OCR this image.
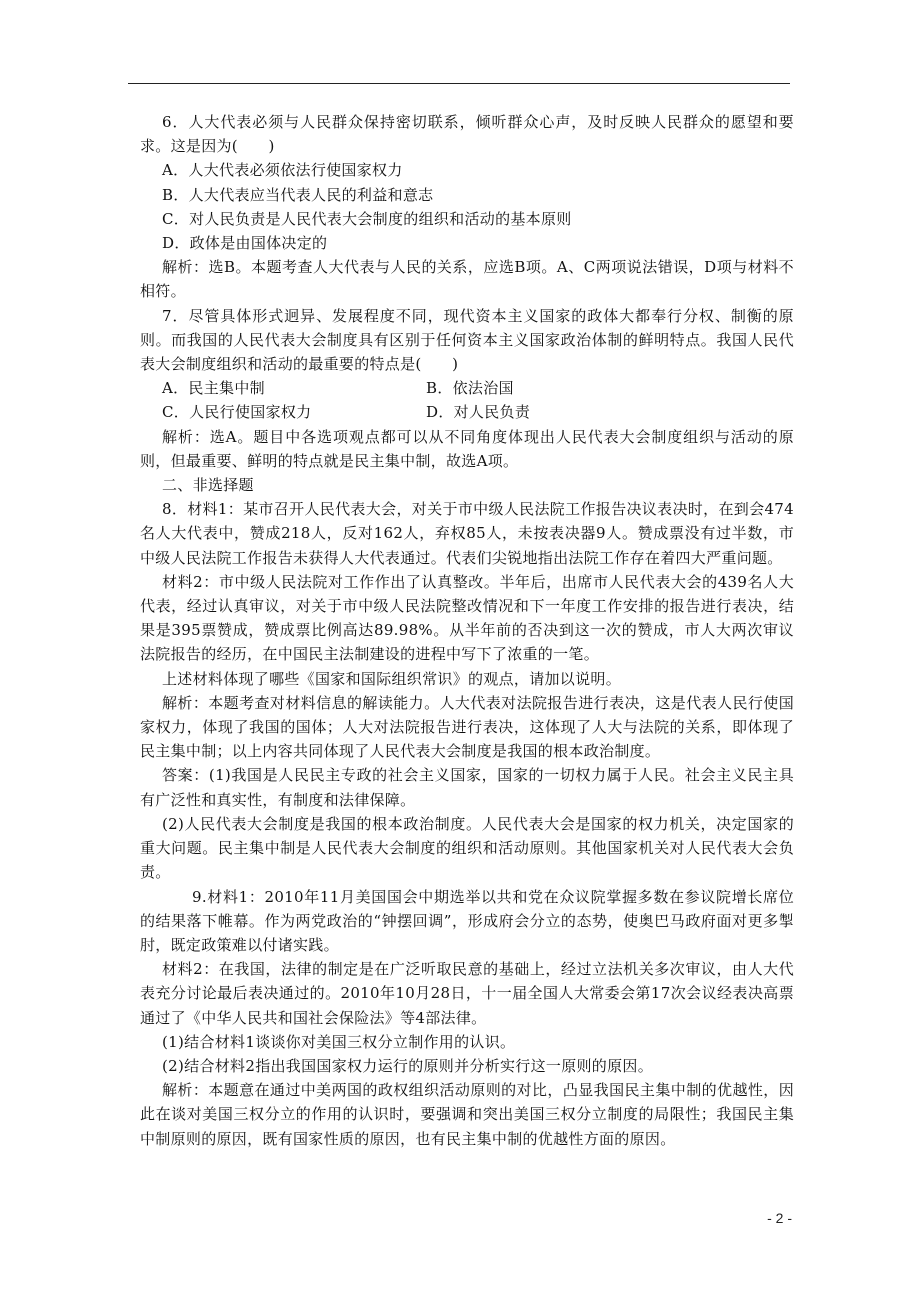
6．人大代表必须与人民群众保持密切联系，倾听群众心声，及时反映人民群众的愿望和要求。这是因为(　　)

A．人大代表必须依法行使国家权力

B．人大代表应当代表人民的利益和意志

C．对人民负责是人民代表大会制度的组织和活动的基本原则

D．政体是由国体决定的

解析：选B。本题考查人大代表与人民的关系，应选B项。A、C两项说法错误，D项与材料不相符。

7．尽管具体形式迥异、发展程度不同，现代资本主义国家的政体大都奉行分权、制衡的原则。而我国的人民代表大会制度具有区别于任何资本主义国家政治体制的鲜明特点。我国人民代表大会制度组织和活动的最重要的特点是(　　)

A．民主集中制	B．依法治国
C．人民行使国家权力	D．对人民负责

解析：选A。题目中各选项观点都可以从不同角度体现出人民代表大会制度组织与活动的原则，但最重要、鲜明的特点就是民主集中制，故选A项。

二、非选择题

8．材料1：某市召开人民代表大会，对关于市中级人民法院工作报告决议表决时，在到会474名人大代表中，赞成218人，反对162人，弃权85人，未按表决器9人。赞成票没有过半数，市中级人民法院工作报告未获得人大代表通过。代表们尖锐地指出法院工作存在着四大严重问题。

材料2：市中级人民法院对工作作出了认真整改。半年后，出席市人民代表大会的439名人大代表，经过认真审议，对关于市中级人民法院整改情况和下一年度工作安排的报告进行表决，结果是395票赞成，赞成票比例高达89.98%。从半年前的否决到这一次的赞成，市人大两次审议法院报告的经历，在中国民主法制建设的进程中写下了浓重的一笔。

上述材料体现了哪些《国家和国际组织常识》的观点，请加以说明。

解析：本题考查对材料信息的解读能力。人大代表对法院报告进行表决，这是代表人民行使国家权力，体现了我国的国体；人大对法院报告进行表决，这体现了人大与法院的关系，即体现了民主集中制；以上内容共同体现了人民代表大会制度是我国的根本政治制度。

答案：(1)我国是人民民主专政的社会主义国家，国家的一切权力属于人民。社会主义民主具有广泛性和真实性，有制度和法律保障。

(2)人民代表大会制度是我国的根本政治制度。人民代表大会是国家的权力机关，决定国家的重大问题。民主集中制是人民代表大会制度的组织和活动原则。其他国家机关对人民代表大会负责。

9.材料1：2010年11月美国国会中期选举以共和党在众议院掌握多数在参议院增长席位的结果落下帷幕。作为两党政治的“钟摆回调”，形成府会分立的态势，使奥巴马政府面对更多掣肘，既定政策难以付诸实践。

材料2：在我国，法律的制定是在广泛听取民意的基础上，经过立法机关多次审议，由人大代表充分讨论最后表决通过的。2010年10月28日，十一届全国人大常委会第17次会议经表决高票通过了《中华人民共和国社会保险法》等4部法律。

(1)结合材料1谈谈你对美国三权分立制作用的认识。

(2)结合材料2指出我国国家权力运行的原则并分析实行这一原则的原因。

解析：本题意在通过中美两国的政权组织活动原则的对比，凸显我国民主集中制的优越性，因此在谈对美国三权分立的作用的认识时，要强调和突出美国三权分立制度的局限性；我国民主集中制原则的原因，既有国家性质的原因，也有民主集中制的优越性方面的原因。

- 2 -
